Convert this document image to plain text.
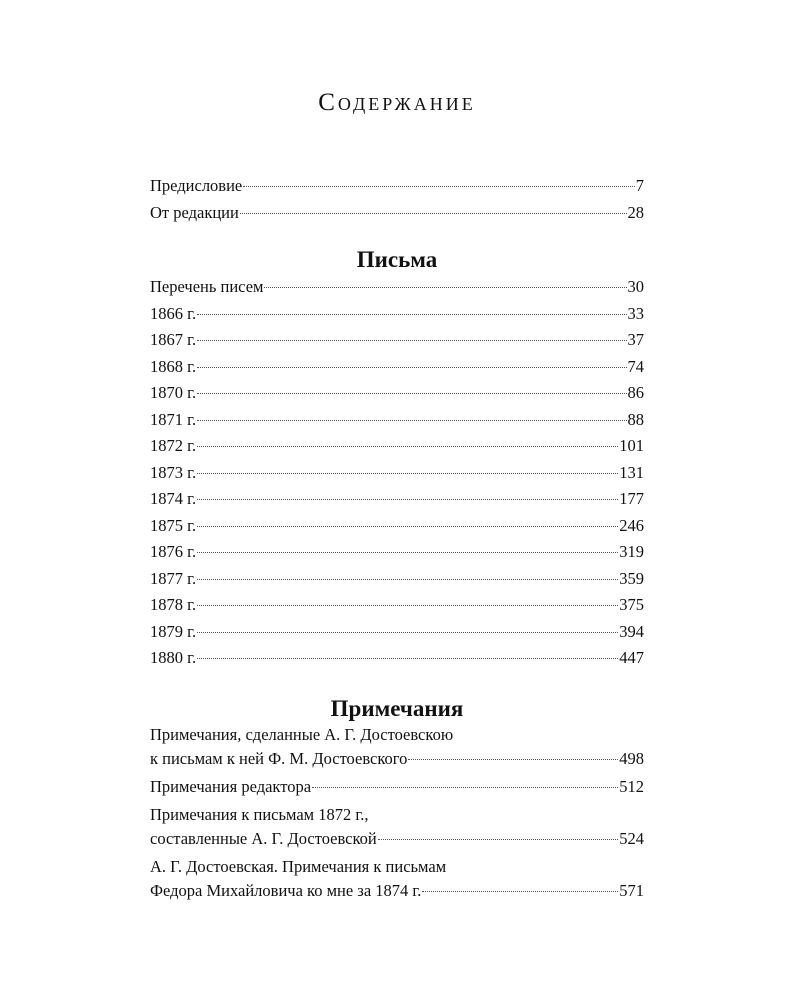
Содержание
Предисловие	7
От редакции	28
Письма
Перечень писем	30
1866 г.	33
1867 г.	37
1868 г.	74
1870 г.	86
1871 г.	88
1872 г.	101
1873 г.	131
1874 г.	177
1875 г.	246
1876 г.	319
1877 г.	359
1878 г.	375
1879 г.	394
1880 г.	447
Примечания
Примечания, сделанные А. Г. Достоевскою
к письмам к ней Ф. М. Достоевского	498
Примечания редактора	512
Примечания к письмам 1872 г.,
составленные А. Г. Достоевской	524
А. Г. Достоевская. Примечания к письмам
Федора Михайловича ко мне за 1874 г.	571
